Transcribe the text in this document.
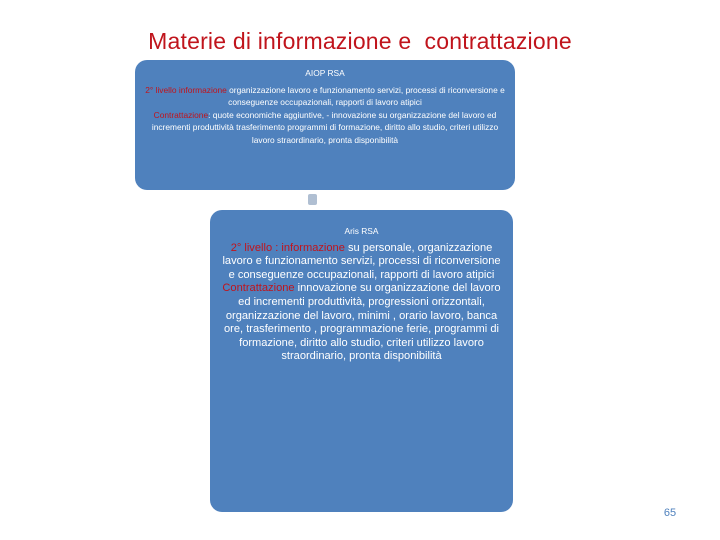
Materie di informazione e  contrattazione
AIOP RSA
2° livello informazione organizzazione lavoro e funzionamento servizi, processi di riconversione e conseguenze occupazionali, rapporti di lavoro atipici
Contrattazione: quote economiche aggiuntive, - innovazione su organizzazione del lavoro ed incrementi produttività trasferimento programmi di formazione, diritto allo studio, criteri utilizzo lavoro straordinario, pronta disponibilità
Aris RSA
2° livello : informazione su personale, organizzazione lavoro e funzionamento servizi, processi di riconversione e conseguenze occupazionali, rapporti di lavoro atipici
Contrattazione innovazione su organizzazione del lavoro ed incrementi produttività, progressioni orizzontali, organizzazione del lavoro, minimi , orario lavoro, banca ore, trasferimento , programmazione ferie, programmi di formazione, diritto allo studio, criteri utilizzo lavoro straordinario, pronta disponibilità
65
